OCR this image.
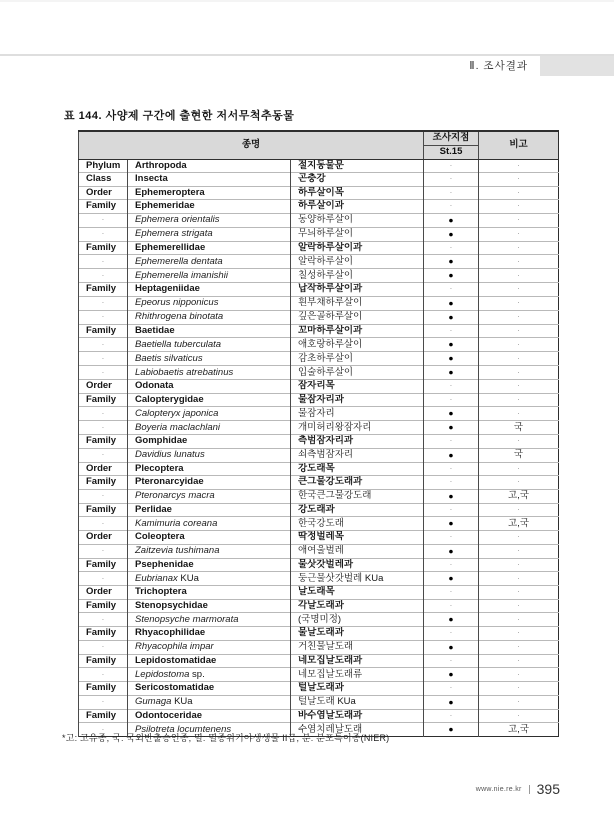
Ⅱ. 조사결과
표 144. 사양제 구간에 출현한 저서무척추동물
종명			조사지점	비고
			St.15	
Phylum	Arthropoda	절지동물문	·	·
Class	Insecta	곤충강	·	·
Order	Ephemeroptera	하루살이목	·	·
Family	Ephemeridae	하루살이과	·	·
·	Ephemera orientalis	동양하루살이	●	·
·	Ephemera strigata	무늬하루살이	●	·
Family	Ephemerellidae	알락하루살이과	·	·
·	Ephemerella dentata	알락하루살이	●	·
·	Ephemerella imanishii	칠성하루살이	●	·
Family	Heptageniidae	납작하루살이과	·	·
·	Epeorus nipponicus	흰부채하루살이	●	·
·	Rhithrogena binotata	깊은골하루살이	●	·
Family	Baetidae	꼬마하루살이과	·	·
·	Baetiella tuberculata	애호랑하루살이	●	·
·	Baetis silvaticus	감초하루살이	●	·
·	Labiobaetis atrebatinus	입술하루살이	●	·
Order	Odonata	잠자리목	·	·
Family	Calopterygidae	물잠자리과	·	·
·	Calopteryx japonica	물잠자리	●	·
·	Boyeria maclachlani	개미허리왕잠자리	●	국
Family	Gomphidae	측범잠자리과	·	·
·	Davidius lunatus	쇠측범잠자리	●	국
Order	Plecoptera	강도래목	·	·
Family	Pteronarcyidae	큰그물강도래과	·	·
·	Pteronarcys macra	한국큰그물강도래	●	고,국
Family	Perlidae	강도래과	·	·
·	Kamimuria coreana	한국강도래	●	고,국
Order	Coleoptera	딱정벌레목	·	·
·	Zaitzevia tushimana	애여울벌레	●	·
Family	Psephenidae	물삿갓벌레과	·	·
·	Eubrianax KUa	둥근물삿갓벌레 KUa	●	·
Order	Trichoptera	날도래목	·	·
Family	Stenopsychidae	각날도래과	·	·
·	Stenopsyche marmorata	(국명미정)	●	·
Family	Rhyacophilidae	물날도래과	·	·
·	Rhyacophila impar	거친물날도래	●	·
Family	Lepidostomatidae	네모집날도래과	·	·
·	Lepidostoma sp.	네모집날도래류	●	·
Family	Sericostomatidae	털날도래과	·	·
·	Gumaga KUa	털날도래 KUa	●	·
Family	Odontoceridae	바수염날도래과	·	·
·	Psilotreta locumtenens	수염치레날도래	●	고,국
*고: 고유종, 국: 국외반출승인종, 멸: 멸종위기야생생물 II급, 분: 분포특이종(NIER)
www.nie.re.kr 395
